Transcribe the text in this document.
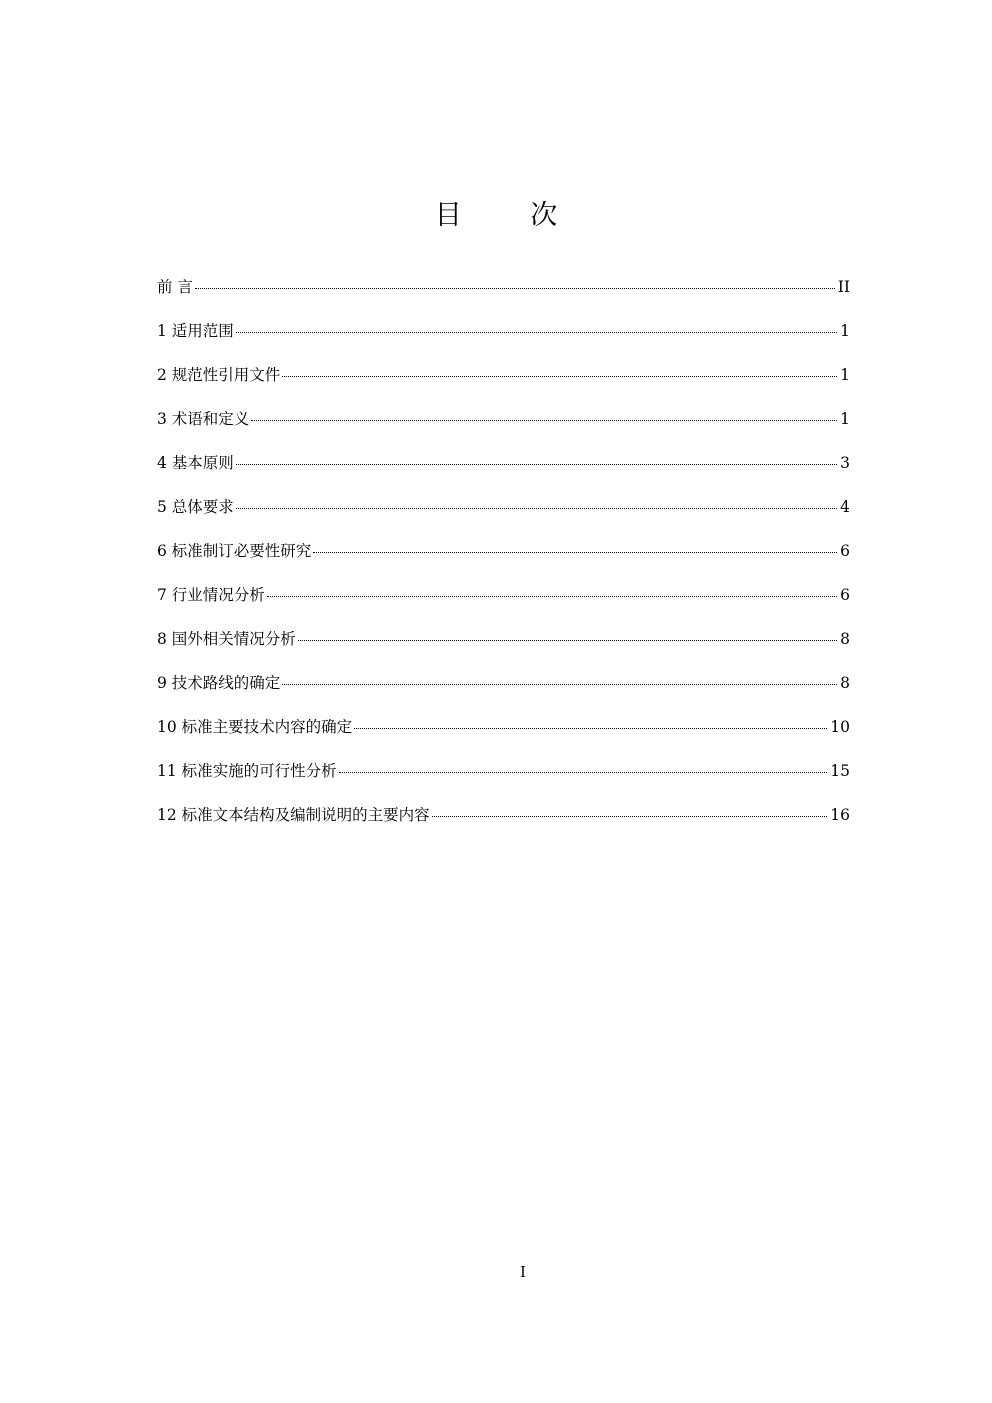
目 次
前 言	II
1 适用范围	1
2 规范性引用文件	1
3 术语和定义	1
4 基本原则	3
5 总体要求	4
6 标准制订必要性研究	6
7 行业情况分析	6
8 国外相关情况分析	8
9 技术路线的确定	8
10 标准主要技术内容的确定	10
11 标准实施的可行性分析	15
12 标准文本结构及编制说明的主要内容	16
I
